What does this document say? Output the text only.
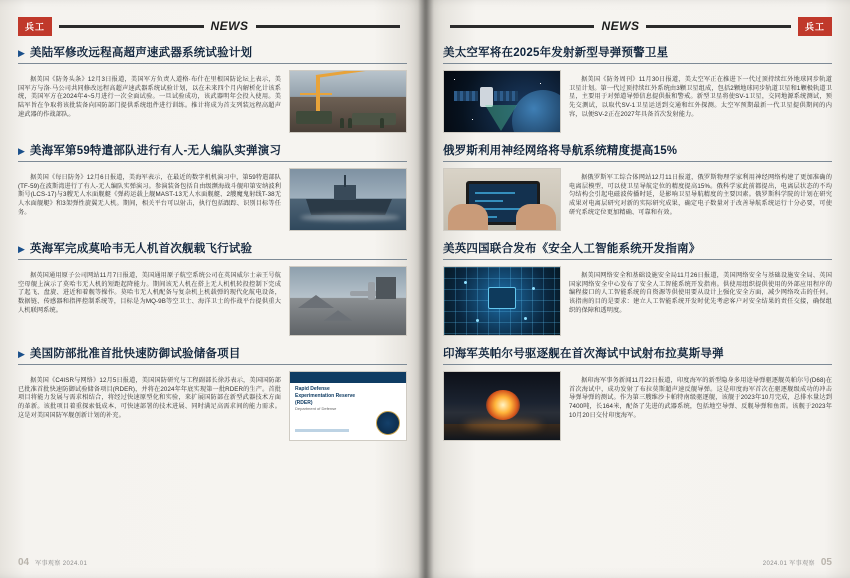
兵工	NEWS
▶ 美陆军修改远程高超声速武器系统试验计划

据美国《防务头条》12月3日报道，美国军方负责人道格·布什在里根国防论坛上表示，美国军方与洛·马公司共同修改远程高超声速武器系统试验计划，以在未来四个月内解析化计该系统，美国军方在2024年4~5月进行一次全面试验。一旦试验成功，该武器明年会投入使用。美陆军旨在争取将该批装备向国防部门提供系统组件进行训练。推计将成为首支列装远程高超声速武器的作战部队。

▶ 美海军第59特遣部队进行有人-无人编队实弹演习

据美国《每日防务》12月6日报道，美海军表示，在最近的数字机机演习中，第59特遣部队(TF-59)在波斯湾进行了有人-无人编队实弹演习。参演装备包括自由级濒海战斗舰印第安纳波利斯号(LCS-17)与3艘无人水面舰艇《弹药运载上舰MAST-13无人水面舰艇、2艘魔鬼射线T-38无人水面舰艇》和3架弹性旋翼无人机。期间，相关平台可以射击，执行包括跟踪、识别目标等任务。

▶ 英海军完成莫哈韦无人机首次舰载飞行试验

据英国通用原子公司网站11月7日报道，美国通用原子航空系统公司在英国威尔士亲王号航空母舰上演示了莫哈韦无人机的短距起降能力。期间该无人机在搭上无人机机转投控制下完成了起飞、盘旋、进近和着舰等操作。莫哈韦无人机配备与复杂机上机载弹的现代化航电设备，数据链、传感器和指挥控制系统等，目标是为MQ-9B等空卫士、海洋卫士的作战平台提供重大人机联网系统。

▶ 美国防部批准首批快速防御试验储备项目

据美国《C4ISR与网络》12月5日报道，美国国防研究与工程副部长徐苏表示，美国国防部已批准首批快速防御试验储备项目(RDER)，并将在2024年年底实现第一批RDER的生产。首批项目将能力发展与需求相结合，将经过快速原型化和实验，来扩展国防部在新型武器技术方面的革新。该批项目着重探索低成本、可快速部署的技术进展、同时满足高需求间的能力需求。这是对美国国防军舰创新计划的补充。

Rapid Defense Experimentation Reserve (RDER)
Department of Defense
04 军事观察 2024.01
NEWS	兵工
美太空军将在2025年发射新型导弹预警卫星

据美国《防务周刊》11月30日报道，美太空军正在推进下一代过顶持续红外地球同步轨道卫星计划。第一代过顶持续红外系统由3颗卫星组成，包括2颗地球同步轨道卫星和1颗极轨道卫星，主要用于对弹道导弹信息提供报和警戒。新型卫星将使SV-1卫星，交同地源系统测试，预先交测试，以取代SV-1卫星运送到交通和红外探测。太空军预期最新一代卫星提供期间的内容，以便SV-2正在2027年具备首次发射能力。

俄罗斯利用神经网络将导航系统精度提高15%

据俄罗斯军工综合体网站12月11日报道，俄罗斯物理学家利用神经网络构建了更加准确的电离层模型，可以使卫星导航定位的精度提高15%。俄科学家此前都提出，电离层状态的不均匀结构会引起电磁波传播时延，是影响卫星导航精度的主要因素。俄罗斯科学院的计划在研究成果对电离层研究对新的实际研究成果，确定电子数量对于改善导航系统运行十分必要，可使研究系统定位更加精确、可靠和有效。

美英四国联合发布《安全人工智能系统开发指南》

据美国网络安全和基础设施安全局11月26日报道，美国网络安全与基础设施安全局、英国国家网络安全中心发布了安全人工智能系统开发指南。供使用组织提供使用的外部应用程序的编程接口的人工智能系统的自资源等供使用要从设计上强化安全方面，减少网络攻击的任何。该指南的目的是要求：建立人工智能系统开发时优先考虑客户对安全结果的责任交接，确保组织的保障和透明度。

印海军英帕尔号驱逐舰在首次海试中试射布拉莫斯导弹

据印海军事务新闻11月22日报道，印度海军的新型隐身多用途导弹驱逐舰英帕尔号(D68)在首次海试中，成功发射了布拉莫斯超声速反舰导弹。这是印度海军首次在驱逐舰级成功的冲击导弹导弹的测试。作为第三艘维沙卡帕特南级驱逐舰，该舰于2023年10月完成，总排水量达到7400吨，长164米，配备了先进的武器系统，包括地空导弹、反舰导弹和鱼雷。该舰于2023年10月20日交付印度海军。

2024.01 军事观察 05
